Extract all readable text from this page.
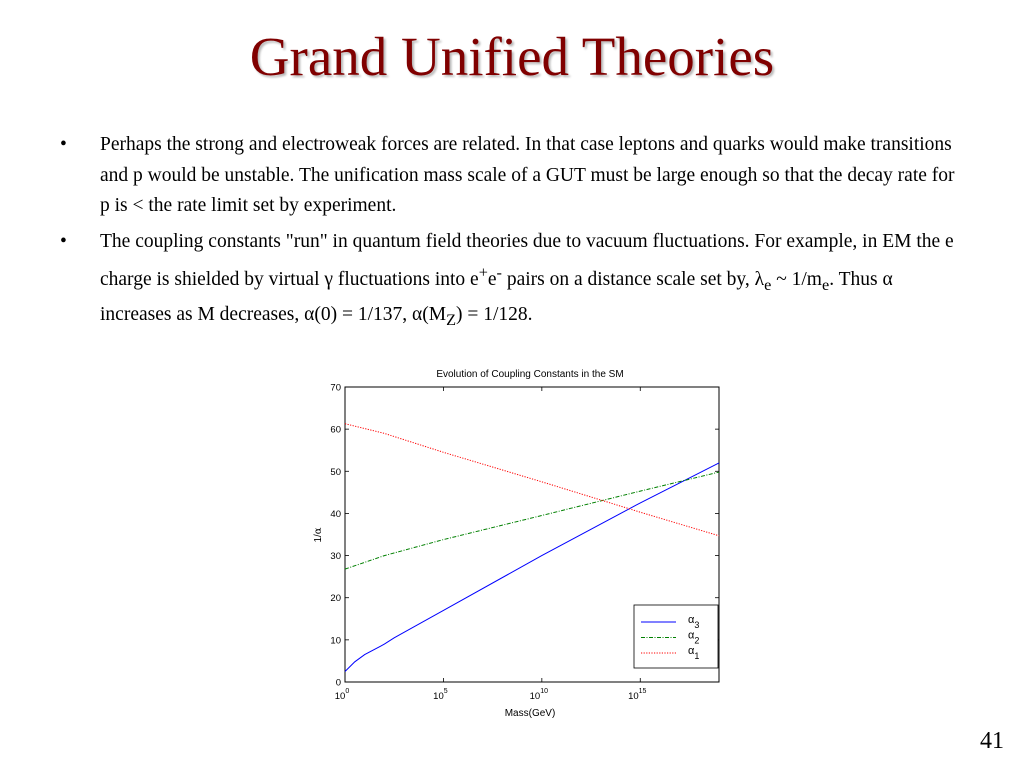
Grand Unified Theories
• Perhaps the strong and electroweak forces are related. In that case leptons and quarks would make transitions and p would be unstable. The unification mass scale of a GUT must be large enough so that the decay rate for p is < the rate limit set by experiment.
• The coupling constants "run" in quantum field theories due to vacuum fluctuations. For example, in EM the e charge is shielded by virtual γ fluctuations into e+e- pairs on a distance scale set by, $\lambda_e$ ~ $1/m_e$. Thus α increases as M decreases, α(0) = 1/137, $\alpha(M_Z) = 1/128$.
Evolution of Coupling Constants in the SM
0
10
20
30
40
50
60
70
$10^0$	$10^5$	$10^{10}$	$10^{15}$
Mass(GeV)
1/α
$\alpha_3$
$\alpha_2$
$\alpha_1$
41
